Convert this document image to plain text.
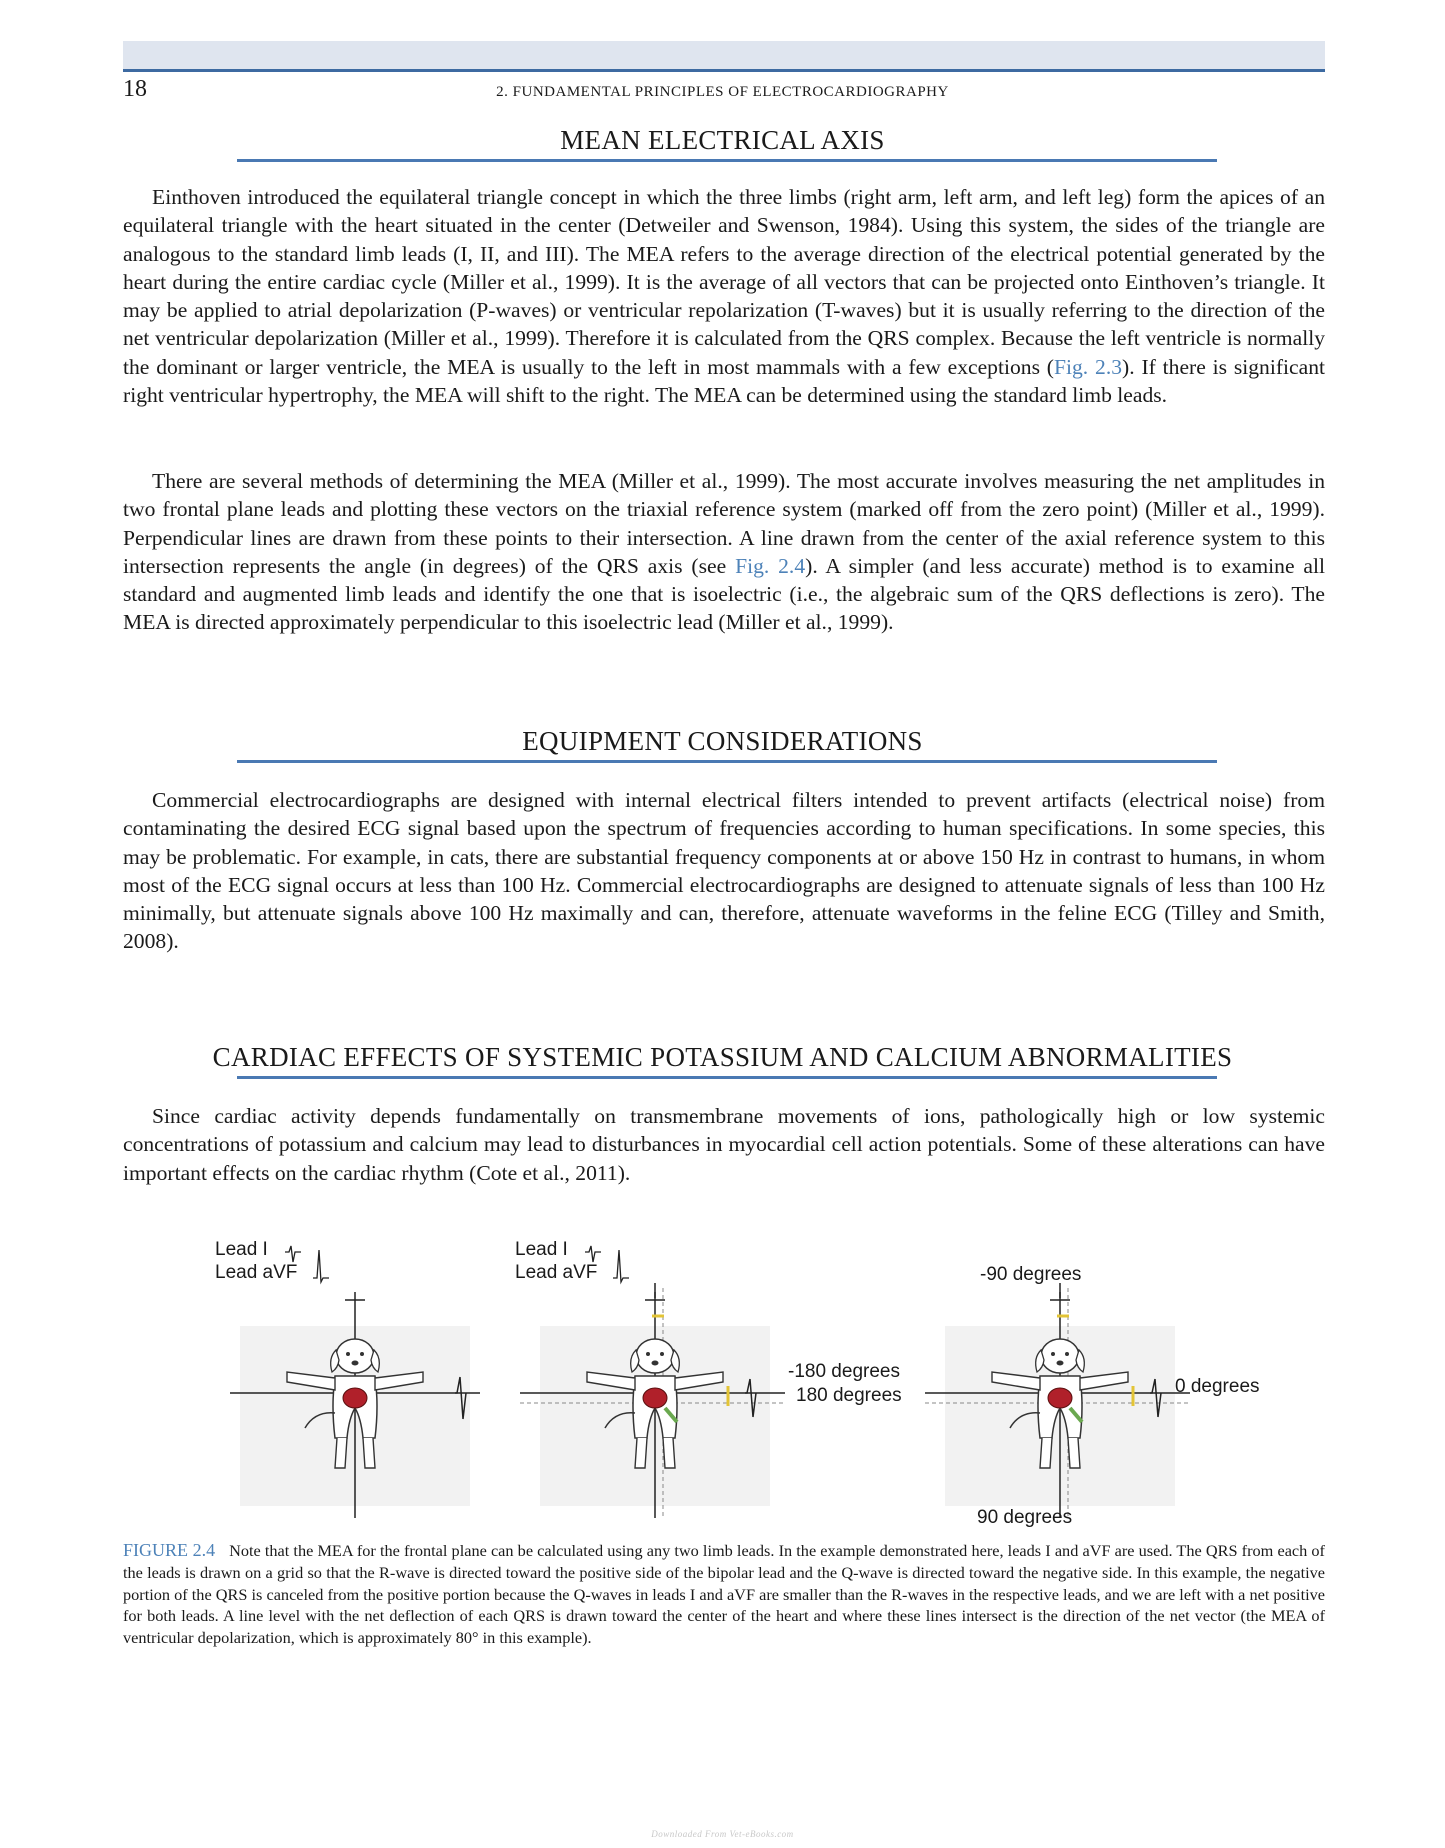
18	2. FUNDAMENTAL PRINCIPLES OF ELECTROCARDIOGRAPHY
MEAN ELECTRICAL AXIS

Einthoven introduced the equilateral triangle concept in which the three limbs (right arm, left arm, and left leg) form the apices of an equilateral triangle with the heart situated in the center (Detweiler and Swenson, 1984). Using this system, the sides of the triangle are analogous to the standard limb leads (I, II, and III). The MEA refers to the average direction of the electrical potential generated by the heart during the entire cardiac cycle (Miller et al., 1999). It is the average of all vectors that can be projected onto Einthoven’s triangle. It may be applied to atrial depolarization (P-waves) or ventricular repolarization (T-waves) but it is usually referring to the direction of the net ventricular depolarization (Miller et al., 1999). Therefore it is calculated from the QRS complex. Because the left ventricle is normally the dominant or larger ventricle, the MEA is usually to the left in most mammals with a few exceptions (Fig. 2.3). If there is significant right ventricular hypertrophy, the MEA will shift to the right. The MEA can be determined using the standard limb leads.

There are several methods of determining the MEA (Miller et al., 1999). The most accurate involves measuring the net amplitudes in two frontal plane leads and plotting these vectors on the triaxial reference system (marked off from the zero point) (Miller et al., 1999). Perpendicular lines are drawn from these points to their intersection. A line drawn from the center of the axial reference system to this intersection represents the angle (in degrees) of the QRS axis (see Fig. 2.4). A simpler (and less accurate) method is to examine all standard and augmented limb leads and identify the one that is isoelectric (i.e., the algebraic sum of the QRS deflections is zero). The MEA is directed approximately perpendicular to this isoelectric lead (Miller et al., 1999).

EQUIPMENT CONSIDERATIONS

Commercial electrocardiographs are designed with internal electrical filters intended to prevent artifacts (electrical noise) from contaminating the desired ECG signal based upon the spectrum of frequencies according to human specifications. In some species, this may be problematic. For example, in cats, there are substantial frequency components at or above 150 Hz in contrast to humans, in whom most of the ECG signal occurs at less than 100 Hz. Commercial electrocardiographs are designed to attenuate signals of less than 100 Hz minimally, but attenuate signals above 100 Hz maximally and can, therefore, attenuate waveforms in the feline ECG (Tilley and Smith, 2008).

CARDIAC EFFECTS OF SYSTEMIC POTASSIUM AND CALCIUM ABNORMALITIES

Since cardiac activity depends fundamentally on transmembrane movements of ions, pathologically high or low systemic concentrations of potassium and calcium may lead to disturbances in myocardial cell action potentials. Some of these alterations can have important effects on the cardiac rhythm (Cote et al., 2011).

Lead I
Lead aVF
Lead I
Lead aVF
-180 degrees
180 degrees
-90 degrees
0 degrees
90 degrees

FIGURE 2.4 Note that the MEA for the frontal plane can be calculated using any two limb leads. In the example demonstrated here, leads I and aVF are used. The QRS from each of the leads is drawn on a grid so that the R-wave is directed toward the positive side of the bipolar lead and the Q-wave is directed toward the negative side. In this example, the negative portion of the QRS is canceled from the positive portion because the Q-waves in leads I and aVF are smaller than the R-waves in the respective leads, and we are left with a net positive for both leads. A line level with the net deflection of each QRS is drawn toward the center of the heart and where these lines intersect is the direction of the net vector (the MEA of ventricular depolarization, which is approximately 80° in this example).

Downloaded From Vet-eBooks.com
